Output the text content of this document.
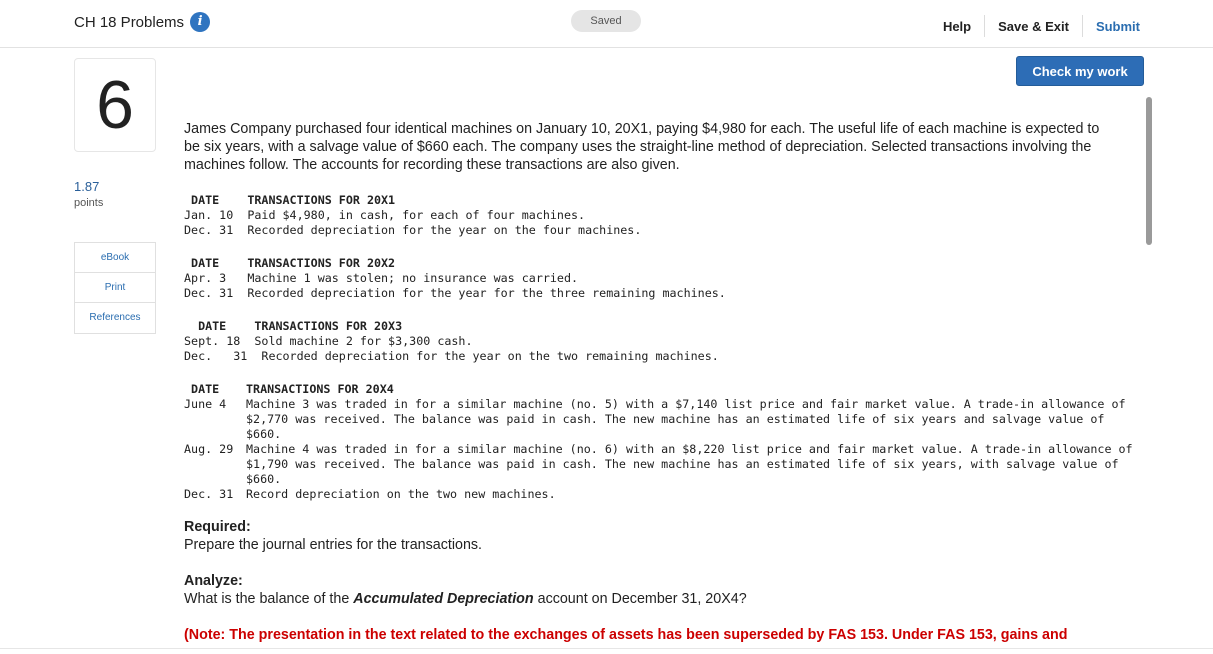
CH 18 Problems	i	Saved	Help	Save & Exit	Submit
6
1.87
points
eBook
Print
References
Check my work

James Company purchased four identical machines on January 10, 20X1, paying $4,980 for each. The useful life of each machine is expected to be six years, with a salvage value of $660 each. The company uses the straight-line method of depreciation. Selected transactions involving the machines follow. The accounts for recording these transactions are also given.

DATE    TRANSACTIONS FOR 20X1
Jan. 10  Paid $4,980, in cash, for each of four machines.
Dec. 31  Recorded depreciation for the year on the four machines.
DATE    TRANSACTIONS FOR 20X2
Apr. 3   Machine 1 was stolen; no insurance was carried.
Dec. 31  Recorded depreciation for the year for the three remaining machines.
DATE    TRANSACTIONS FOR 20X3
Sept. 18  Sold machine 2 for $3,300 cash.
Dec.   31  Recorded depreciation for the year on the two remaining machines.
DATE	TRANSACTIONS FOR 20X4
June 4	Machine 3 was traded in for a similar machine (no. 5) with a $7,140 list price and fair market value. A trade-in allowance of $2,770 was received. The balance was paid in cash. The new machine has an estimated life of six years and salvage value of $660.
Aug. 29	Machine 4 was traded in for a similar machine (no. 6) with an $8,220 list price and fair market value. A trade-in allowance of $1,790 was received. The balance was paid in cash. The new machine has an estimated life of six years, with salvage value of $660.
Dec. 31	Record depreciation on the two new machines.
Required:
Prepare the journal entries for the transactions.
Analyze:
What is the balance of the Accumulated Depreciation account on December 31, 20X4?
(Note: The presentation in the text related to the exchanges of assets has been superseded by FAS 153. Under FAS 153, gains and
